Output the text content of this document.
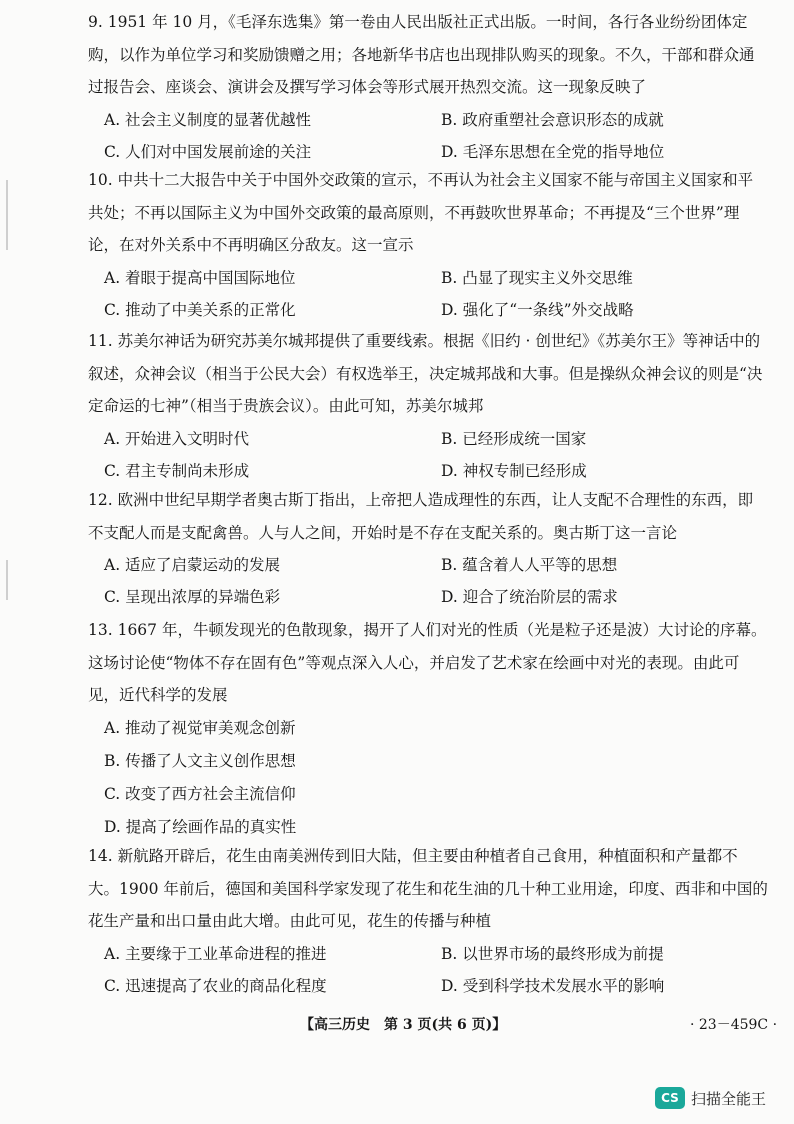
9. 1951 年 10 月，《毛泽东选集》第一卷由人民出版社正式出版。一时间，各行各业纷纷团体定购，以作为单位学习和奖励馈赠之用；各地新华书店也出现排队购买的现象。不久，干部和群众通过报告会、座谈会、演讲会及撰写学习体会等形式展开热烈交流。这一现象反映了

A. 社会主义制度的显著优越性	B. 政府重塑社会意识形态的成就
C. 人们对中国发展前途的关注	D. 毛泽东思想在全党的指导地位

10. 中共十二大报告中关于中国外交政策的宣示，不再认为社会主义国家不能与帝国主义国家和平共处；不再以国际主义为中国外交政策的最高原则，不再鼓吹世界革命；不再提及“三个世界”理论，在对外关系中不再明确区分敌友。这一宣示

A. 着眼于提高中国国际地位	B. 凸显了现实主义外交思维
C. 推动了中美关系的正常化	D. 强化了“一条线”外交战略

11. 苏美尔神话为研究苏美尔城邦提供了重要线索。根据《旧约 · 创世纪》《苏美尔王》等神话中的叙述，众神会议（相当于公民大会）有权选举王，决定城邦战和大事。但是操纵众神会议的则是“决定命运的七神”（相当于贵族会议）。由此可知，苏美尔城邦

A. 开始进入文明时代	B. 已经形成统一国家
C. 君主专制尚未形成	D. 神权专制已经形成

12. 欧洲中世纪早期学者奥古斯丁指出，上帝把人造成理性的东西，让人支配不合理性的东西，即不支配人而是支配禽兽。人与人之间，开始时是不存在支配关系的。奥古斯丁这一言论

A. 适应了启蒙运动的发展	B. 蕴含着人人平等的思想
C. 呈现出浓厚的异端色彩	D. 迎合了统治阶层的需求

13. 1667 年，牛顿发现光的色散现象，揭开了人们对光的性质（光是粒子还是波）大讨论的序幕。这场讨论使“物体不存在固有色”等观点深入人心，并启发了艺术家在绘画中对光的表现。由此可见，近代科学的发展

A. 推动了视觉审美观念创新
B. 传播了人文主义创作思想
C. 改变了西方社会主流信仰
D. 提高了绘画作品的真实性

14. 新航路开辟后，花生由南美洲传到旧大陆，但主要由种植者自己食用，种植面积和产量都不大。1900 年前后，德国和美国科学家发现了花生和花生油的几十种工业用途，印度、西非和中国的花生产量和出口量由此大增。由此可见，花生的传播与种植

A. 主要缘于工业革命进程的推进	B. 以世界市场的最终形成为前提
C. 迅速提高了农业的商品化程度	D. 受到科学技术发展水平的影响
【高三历史　第 3 页(共 6 页)】	· 23－459C ·
CS 扫描全能王
